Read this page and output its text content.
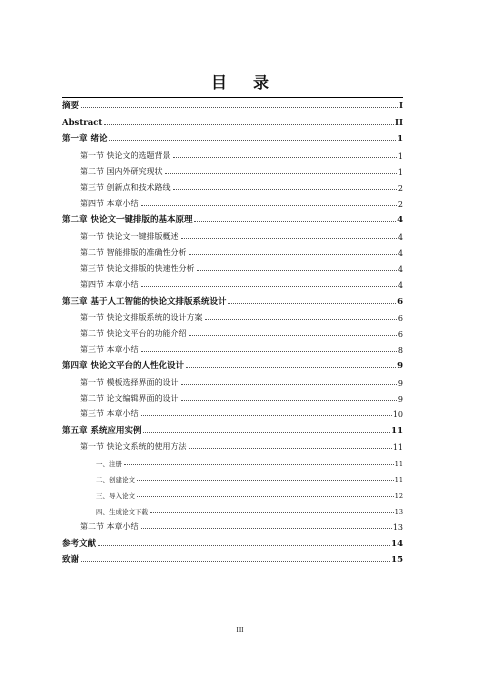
目 录
摘要	I
Abstract	II
第一章 绪论	1
第一节 快论文的选题背景	1
第二节 国内外研究现状	1
第三节 创新点和技术路线	2
第四节 本章小结	2
第二章 快论文一键排版的基本原理	4
第一节 快论文一键排版概述	4
第二节 智能排版的准确性分析	4
第三节 快论文排版的快速性分析	4
第四节 本章小结	4
第三章 基于人工智能的快论文排版系统设计	6
第一节 快论文排版系统的设计方案	6
第二节 快论文平台的功能介绍	6
第三节 本章小结	8
第四章 快论文平台的人性化设计	9
第一节 模板选择界面的设计	9
第二节 论文编辑界面的设计	9
第三节 本章小结	10
第五章 系统应用实例	11
第一节 快论文系统的使用方法	11
一、注册	11
二、创建论文	11
三、导入论文	12
四、生成论文下载	13
第二节 本章小结	13
参考文献	14
致谢	15
III
